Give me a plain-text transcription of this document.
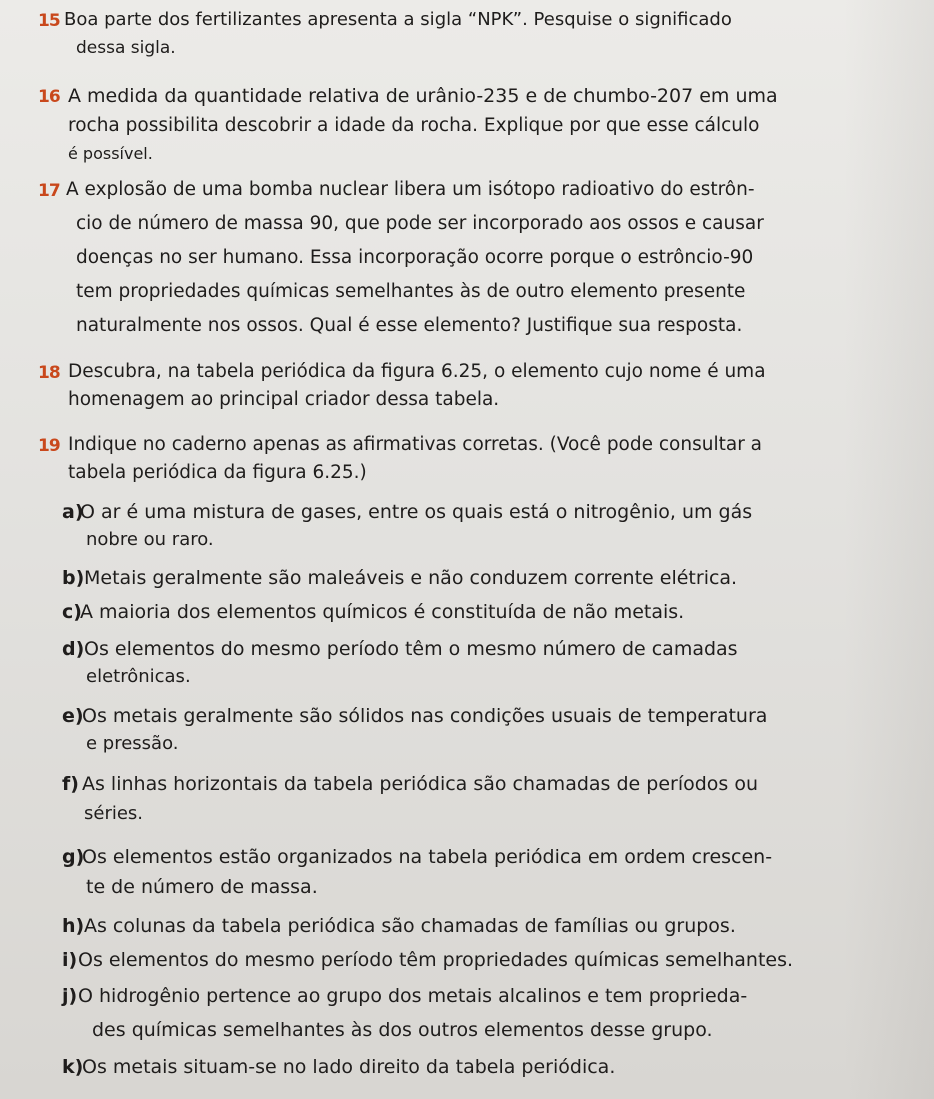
15 Boa parte dos fertilizantes apresenta a sigla “NPK”. Pesquise o significado
dessa sigla.
16 A medida da quantidade relativa de urânio-235 e de chumbo-207 em uma
rocha possibilita descobrir a idade da rocha. Explique por que esse cálculo
é possível.
17 A explosão de uma bomba nuclear libera um isótopo radioativo do estrôn-
cio de número de massa 90, que pode ser incorporado aos ossos e causar
doenças no ser humano. Essa incorporação ocorre porque o estrôncio-90
tem propriedades químicas semelhantes às de outro elemento presente
naturalmente nos ossos. Qual é esse elemento? Justifique sua resposta.
18 Descubra, na tabela periódica da figura 6.25, o elemento cujo nome é uma
homenagem ao principal criador dessa tabela.
19 Indique no caderno apenas as afirmativas corretas. (Você pode consultar a
tabela periódica da figura 6.25.)
a)
O ar é uma mistura de gases, entre os quais está o nitrogênio, um gás
nobre ou raro.
b) Metais geralmente são maleáveis e não conduzem corrente elétrica.
c)
A maioria dos elementos químicos é constituída de não metais.
d) Os elementos do mesmo período têm o mesmo número de camadas
eletrônicas.
e)
Os metais geralmente são sólidos nas condições usuais de temperatura
e pressão.
f) As linhas horizontais da tabela periódica são chamadas de períodos ou
séries.
g)
Os elementos estão organizados na tabela periódica em ordem crescen-
te de número de massa.
h) As colunas da tabela periódica são chamadas de famílias ou grupos.
i) Os elementos do mesmo período têm propriedades químicas semelhantes.
j) O hidrogênio pertence ao grupo dos metais alcalinos e tem proprieda-
des químicas semelhantes às dos outros elementos desse grupo.
k)
Os metais situam-se no lado direito da tabela periódica.
